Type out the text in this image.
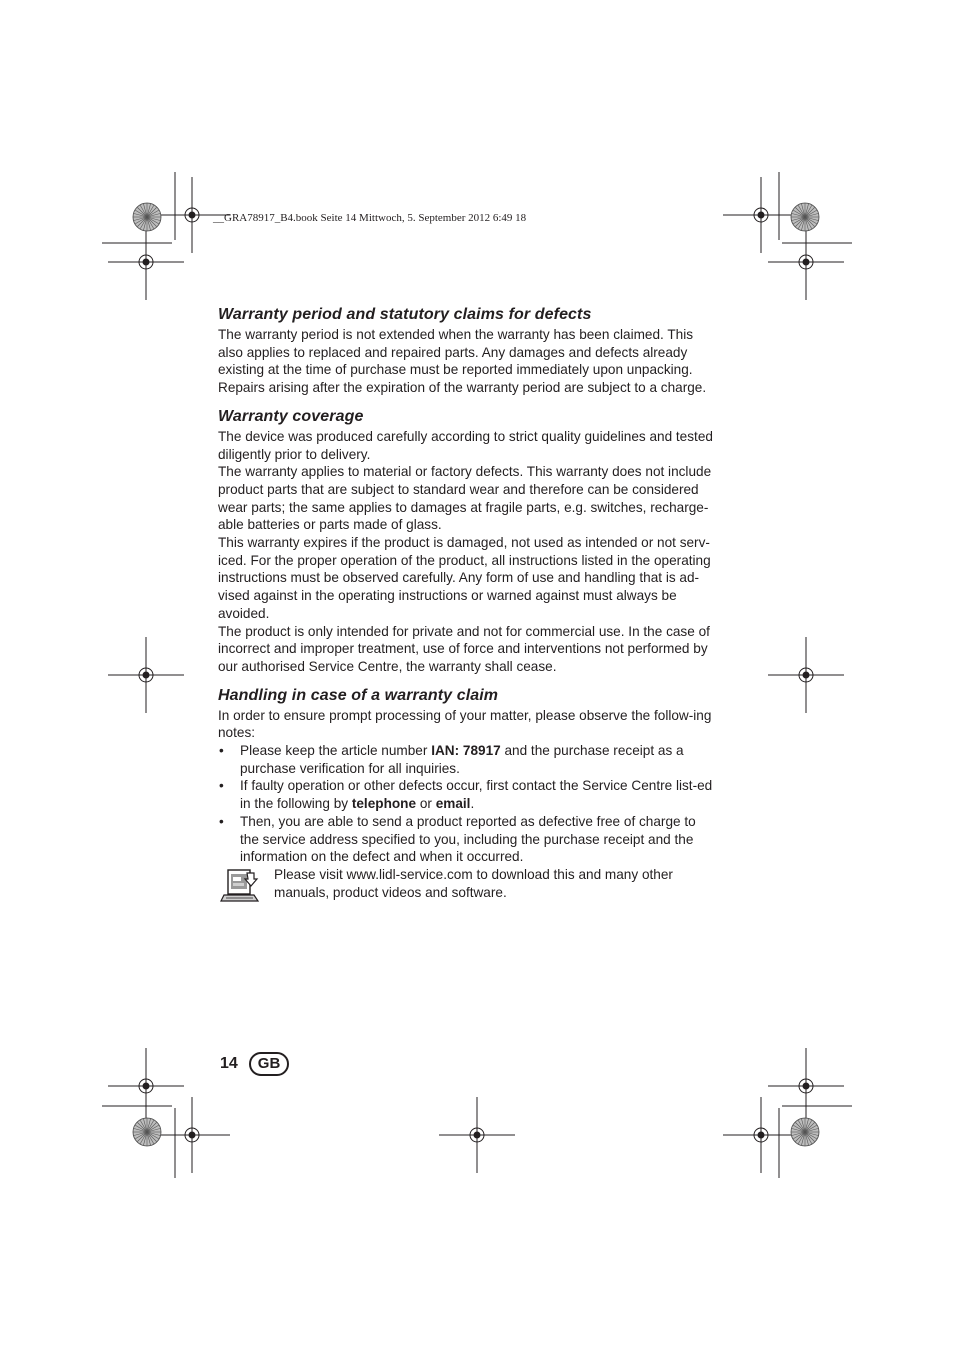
__GRA78917_B4.book Seite 14 Mittwoch, 5. September 2012 6:49 18
Warranty period and statutory claims for defects

The warranty period is not extended when the warranty has been claimed. This also applies to replaced and repaired parts. Any damages and defects already existing at the time of purchase must be reported immediately upon unpacking. Repairs arising after the expiration of the warranty period are subject to a charge.

Warranty coverage

The device was produced carefully according to strict quality guidelines and tested diligently prior to delivery.

The warranty applies to material or factory defects. This warranty does not include product parts that are subject to standard wear and therefore can be considered wear parts; the same applies to damages at fragile parts, e.g. switches, recharge-able batteries or parts made of glass.

This warranty expires if the product is damaged, not used as intended or not serv-iced. For the proper operation of the product, all instructions listed in the operating instructions must be observed carefully. Any form of use and handling that is ad-vised against in the operating instructions or warned against must always be avoided.

The product is only intended for private and not for commercial use. In the case of incorrect and improper treatment, use of force and interventions not performed by our authorised Service Centre, the warranty shall cease.

Handling in case of a warranty claim

In order to ensure prompt processing of your matter, please observe the follow-ing notes:

• Please keep the article number IAN: 78917 and the purchase receipt as a purchase verification for all inquiries.
• If faulty operation or other defects occur, first contact the Service Centre list-ed in the following by telephone or email.
• Then, you are able to send a product reported as defective free of charge to the service address specified to you, including the purchase receipt and the information on the defect and when it occurred.

Please visit www.lidl-service.com to download this and many other manuals, product videos and software.

14	GB
